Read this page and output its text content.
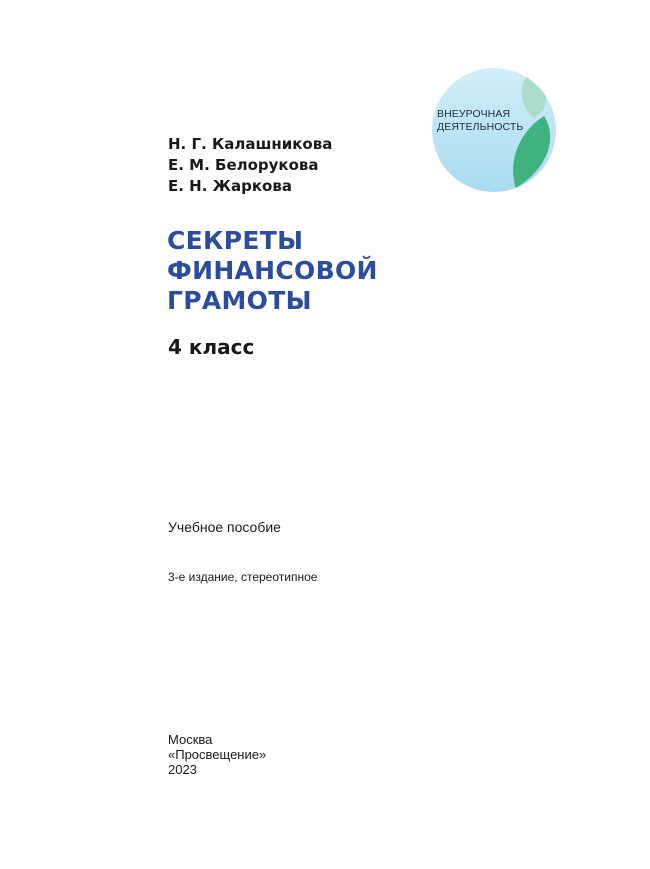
ВНЕУРОЧНАЯ
ДЕЯТЕЛЬНОСТЬ
Н. Г. Калашникова
Е. М. Белорукова
Е. Н. Жаркова
СЕКРЕТЫ
ФИНАНСОВОЙ
ГРАМОТЫ
4 класс
Учебное пособие
3-е издание, стереотипное
Москва
«Просвещение»
2023
